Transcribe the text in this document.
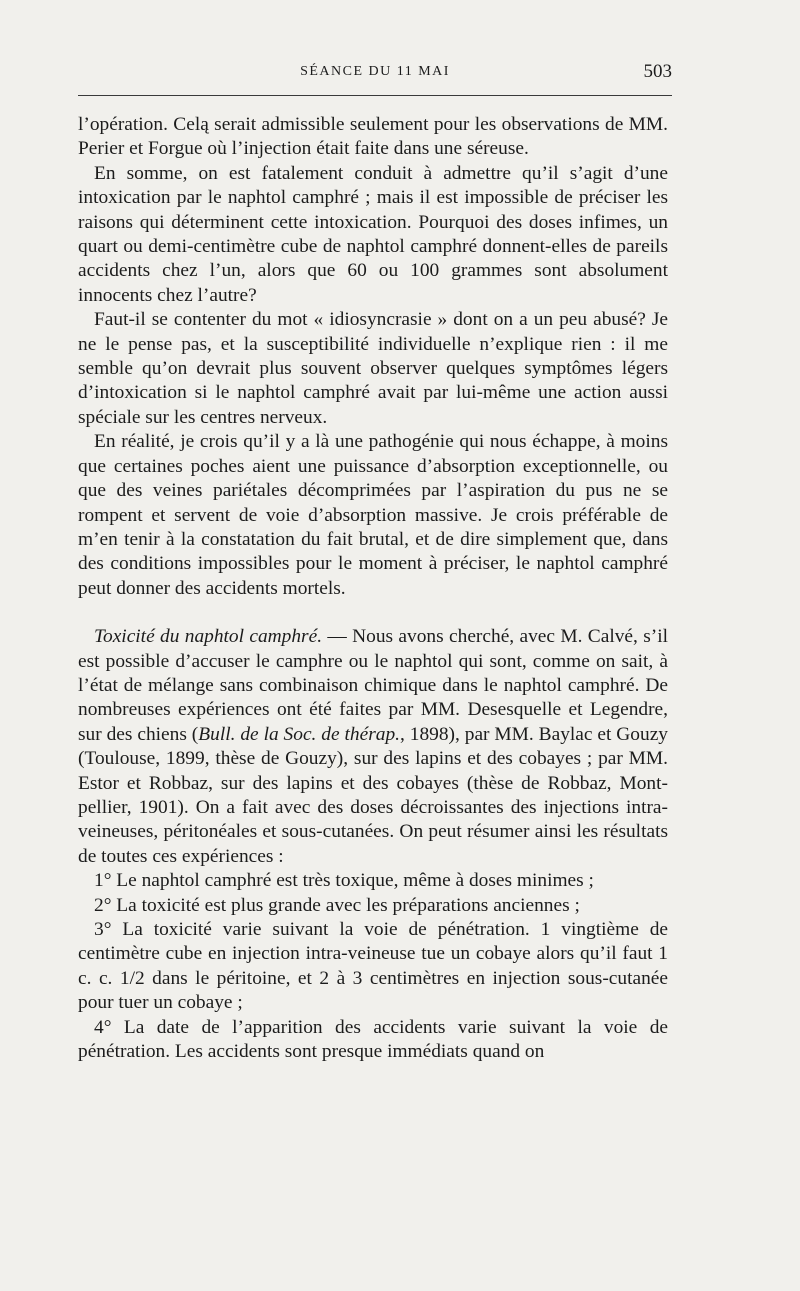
SÉANCE DU 11 MAI	503

l’opération. Celą serait admissible seulement pour les observations de MM. Perier et Forgue où l’injection était faite dans une séreuse.

En somme, on est fatalement conduit à admettre qu’il s’agit d’une intoxication par le naphtol camphré ; mais il est impossible de préciser les raisons qui déterminent cette intoxication. Pourquoi des doses infimes, un quart ou demi-centimètre cube de naphtol camphré donnent-elles de pareils accidents chez l’un, alors que 60 ou 100 grammes sont absolument innocents chez l’autre?

Faut-il se contenter du mot « idiosyncrasie » dont on a un peu abusé? Je ne le pense pas, et la susceptibilité individuelle n’explique rien : il me semble qu’on devrait plus souvent observer quelques symptômes légers d’intoxication si le naphtol camphré avait par lui-même une action aussi spéciale sur les centres nerveux.

En réalité, je crois qu’il y a là une pathogénie qui nous échappe, à moins que certaines poches aient une puissance d’absorption exceptionnelle, ou que des veines pariétales décomprimées par l’aspiration du pus ne se rompent et servent de voie d’absorption massive. Je crois préférable de m’en tenir à la constatation du fait brutal, et de dire simplement que, dans des conditions impossibles pour le moment à préciser, le naphtol camphré peut donner des accidents mortels.

Toxicité du naphtol camphré. — Nous avons cherché, avec M. Calvé, s’il est possible d’accuser le camphre ou le naphtol qui sont, comme on sait, à l’état de mélange sans combinaison chimique dans le naphtol camphré. De nombreuses expériences ont été faites par MM. Desesquelle et Legendre, sur des chiens (Bull. de la Soc. de thérap., 1898), par MM. Baylac et Gouzy (Toulouse, 1899, thèse de Gouzy), sur des lapins et des cobayes ; par MM. Estor et Robbaz, sur des lapins et des cobayes (thèse de Robbaz, Montpellier, 1901). On a fait avec des doses décroissantes des injections intra-veineuses, péritonéales et sous-cutanées. On peut résumer ainsi les résultats de toutes ces expériences :

1° Le naphtol camphré est très toxique, même à doses minimes ;

2° La toxicité est plus grande avec les préparations anciennes ;

3° La toxicité varie suivant la voie de pénétration. 1 vingtième de centimètre cube en injection intra-veineuse tue un cobaye alors qu’il faut 1 c. c. 1/2 dans le péritoine, et 2 à 3 centimètres en injection sous-cutanée pour tuer un cobaye ;

4° La date de l’apparition des accidents varie suivant la voie de pénétration. Les accidents sont presque immédiats quand on
